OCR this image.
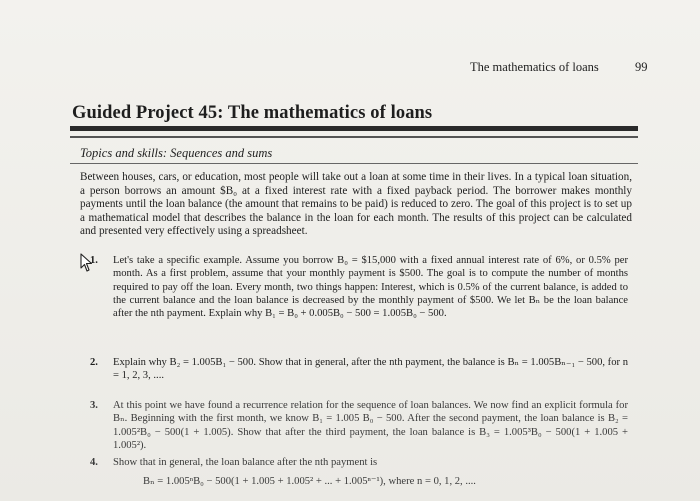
The mathematics of loans	99
Guided Project 45: The mathematics of loans
Topics and skills: Sequences and sums

Between houses, cars, or education, most people will take out a loan at some time in their lives. In a typical loan situation, a person borrows an amount $B₀ at a fixed interest rate with a fixed payback period. The borrower makes monthly payments until the loan balance (the amount that remains to be paid) is reduced to zero. The goal of this project is to set up a mathematical model that describes the balance in the loan for each month. The results of this project can be calculated and presented very effectively using a spreadsheet.

1. Let's take a specific example. Assume you borrow B₀ = $15,000 with a fixed annual interest rate of 6%, or 0.5% per month. As a first problem, assume that your monthly payment is $500. The goal is to compute the number of months required to pay off the loan. Every month, two things happen: Interest, which is 0.5% of the current balance, is added to the current balance and the loan balance is decreased by the monthly payment of $500. We let Bₙ be the loan balance after the nth payment. Explain why B₁ = B₀ + 0.005B₀ − 500 = 1.005B₀ − 500.
2. Explain why B₂ = 1.005B₁ − 500. Show that in general, after the nth payment, the balance is Bₙ = 1.005Bₙ₋₁ − 500, for n = 1, 2, 3, ....
3. At this point we have found a recurrence relation for the sequence of loan balances. We now find an explicit formula for Bₙ. Beginning with the first month, we know B₁ = 1.005 B₀ − 500. After the second payment, the loan balance is B₂ = 1.005²B₀ − 500(1 + 1.005). Show that after the third payment, the loan balance is B₃ = 1.005³B₀ − 500(1 + 1.005 + 1.005²).
4. Show that in general, the loan balance after the nth payment is
Bₙ = 1.005ⁿB₀ − 500(1 + 1.005 + 1.005² + ... + 1.005ⁿ⁻¹), where n = 0, 1, 2, ....
